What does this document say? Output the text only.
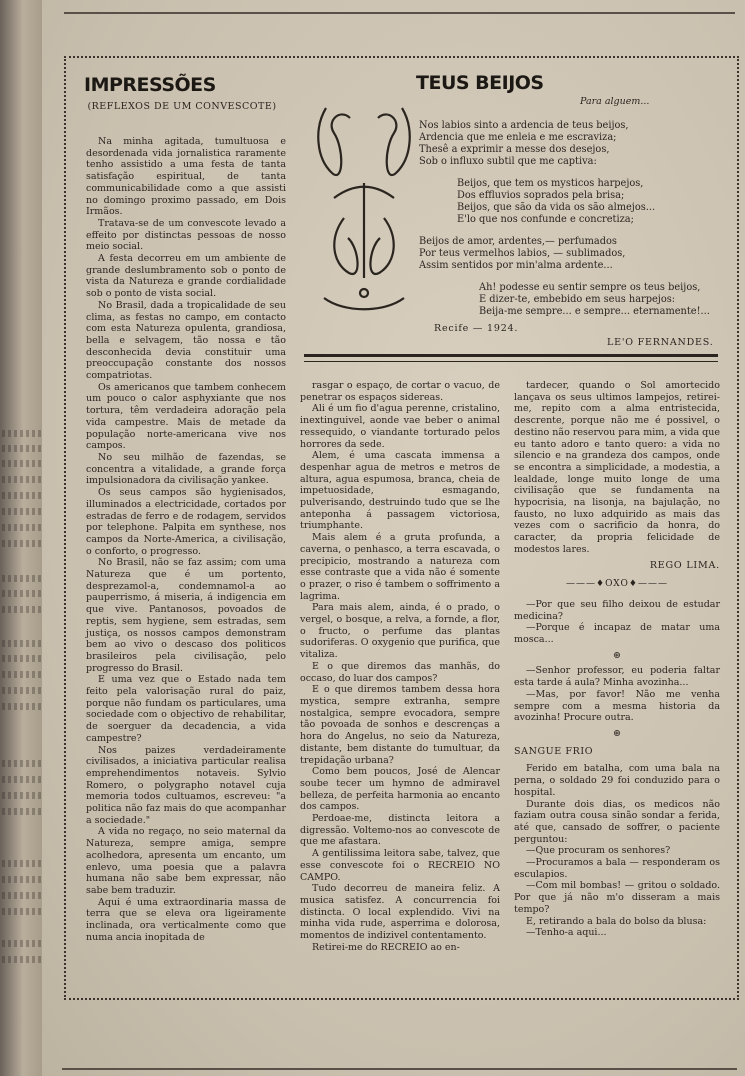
IMPRESSÕES
(REFLEXOS DE UM CONVESCOTE)

Na minha agitada, tumultuosa e desordenada vida jornalistica raramente tenho assistido a uma festa de tanta satisfação espiritual, de tanta communicabilidade como a que assisti no domingo proximo passado, em Dois Irmãos.

Tratava-se de um convescote levado a effeito por distinctas pessoas de nosso meio social.

A festa decorreu em um ambiente de grande deslumbramento sob o ponto de vista da Natureza e grande cordialidade sob o ponto de vista social.

No Brasil, dada a tropicalidade de seu clima, as festas no campo, em contacto com esta Natureza opulenta, grandiosa, bella e selvagem, tão nossa e tão desconhecida devia constituir uma preoccupação constante dos nossos compatriotas.

Os americanos que tambem conhecem um pouco o calor asphyxiante que nos tortura, têm verdadeira adoração pela vida campestre. Mais de metade da população norte-americana vive nos campos.

No seu milhão de fazendas, se concentra a vitalidade, a grande força impulsionadora da civilisação yankee.

Os seus campos são hygienisados, illuminados a electricidade, cortados por estradas de ferro e de rodagem, servidos por telephone. Palpita em synthese, nos campos da Norte-America, a civilisação, o conforto, o progresso.

No Brasil, não se faz assim; com uma Natureza que é um portento, desprezamol-a, condemnamol-a ao pauperrismo, á miseria, á indigencia em que vive. Pantanosos, povoados de reptis, sem hygiene, sem estradas, sem justiça, os nossos campos demonstram bem ao vivo o descaso dos politicos brasileiros pela civilisação, pelo progresso do Brasil.

E uma vez que o Estado nada tem feito pela valorisação rural do paiz, porque não fundam os particulares, uma sociedade com o objectivo de rehabilitar, de soerguer da decadencia, a vida campestre?

Nos paizes verdadeiramente civilisados, a iniciativa particular realisa emprehendimentos notaveis. Sylvio Romero, o polygrapho notavel cuja memoria todos cultuamos, escreveu: "a politica não faz mais do que acompanhar a sociedade."

A vida no regaço, no seio maternal da Natureza, sempre amiga, sempre acolhedora, apresenta um encanto, um enlevo, uma poesia que a palavra humana não sabe bem expressar, não sabe bem traduzir.

Aqui é uma extraordinaria massa de terra que se eleva ora ligeiramente inclinada, ora verticalmente como que numa ancia inopitada de

rasgar o espaço, de cortar o vacuo, de penetrar os espaços sidereas.

Ali é um fio d'agua perenne, cristalino, inextinguivel, aonde vae beber o animal ressequido, o viandante torturado pelos horrores da sede.

Alem, é uma cascata immensa a despenhar agua de metros e metros de altura, agua espumosa, branca, cheia de impetuosidade, esmagando, pulverisando, destruindo tudo que se lhe anteponha á passagem victoriosa, triumphante.

Mais alem é a gruta profunda, a caverna, o penhasco, a terra escavada, o precipicio, mostrando a natureza com esse contraste que a vida não é somente o prazer, o riso é tambem o soffrimento a lagrima.

Para mais alem, ainda, é o prado, o vergel, o bosque, a relva, a fornde, a flor, o fructo, o perfume das plantas sudoriferas. O oxygenio que purifica, que vitaliza.

E o que diremos das manhãs, do occaso, do luar dos campos?

E o que diremos tambem dessa hora mystica, sempre extranha, sempre nostalgica, sempre evocadora, sempre tão povoada de sonhos e descrenças a hora do Angelus, no seio da Natureza, distante, bem distante do tumultuar, da trepidação urbana?

Como bem poucos, José de Alencar soube tecer um hymno de admiravel belleza, de perfeita harmonia ao encanto dos campos.

Perdoae-me, distincta leitora a digressão. Voltemo-nos ao convescote de que me afastara.

A gentilissima leitora sabe, talvez, que esse convescote foi o RECREIO NO CAMPO.

Tudo decorreu de maneira feliz. A musica satisfez. A concurrencia foi distincta. O local explendido. Vivi na minha vida rude, asperrima e dolorosa, momentos de indizivel contentamento.

Retirei-me do RECREIO ao en-

tardecer, quando o Sol amortecido lançava os seus ultimos lampejos, retirei-me, repito com a alma entristecida, descrente, porque não me é possivel, o destino não reservou para mim, a vida que eu tanto adoro e tanto quero: a vida no silencio e na grandeza dos campos, onde se encontra a simplicidade, a modestia, a lealdade, longe muito longe de uma civilisação que se fundamenta na hypocrisia, na lisonja, na bajulação, no fausto, no luxo adquirido as mais das vezes com o sacrificio da honra, do caracter, da propria felicidade de modestos lares.

REGO LIMA.

———♦OXO♦———

—Por que seu filho deixou de estudar medicina?

—Porque é incapaz de matar uma mosca...

⊛

—Senhor professor, eu poderia faltar esta tarde á aula? Minha avozinha...

—Mas, por favor! Não me venha sempre com a mesma historia da avozinha! Procure outra.

⊛

SANGUE FRIO

Ferido em batalha, com uma bala na perna, o soldado 29 foi conduzido para o hospital.

Durante dois dias, os medicos não faziam outra cousa sinão sondar a ferida, até que, cansado de soffrer, o paciente perguntou:

—Que procuram os senhores?

—Procuramos a bala — responderam os esculapios.

—Com mil bombas! — gritou o soldado. Por que já não m'o disseram a mais tempo?

E, retirando a bala do bolso da blusa:

—Tenho-a aqui...

TEUS BEIJOS
Para alguem...
Nos labios sinto a ardencia de teus beijos,
Ardencia que me enleia e me escraviza;
Thesê a exprimir a messe dos desejos,
Sob o influxo subtil que me captiva:
Beijos, que tem os mysticos harpejos,
Dos effluvios soprados pela brisa;
Beijos, que são da vida os são almejos...
E'lo que nos confunde e concretiza;
Beijos de amor, ardentes,— perfumados
Por teus vermelhos labios, — sublimados,
Assim sentidos por min'alma ardente...
Ah! podesse eu sentir sempre os teus beijos,
E dizer-te, embebido em seus harpejos:
Beija-me sempre... e sempre... eternamente!...
Recife — 1924.
LE'O FERNANDES.
